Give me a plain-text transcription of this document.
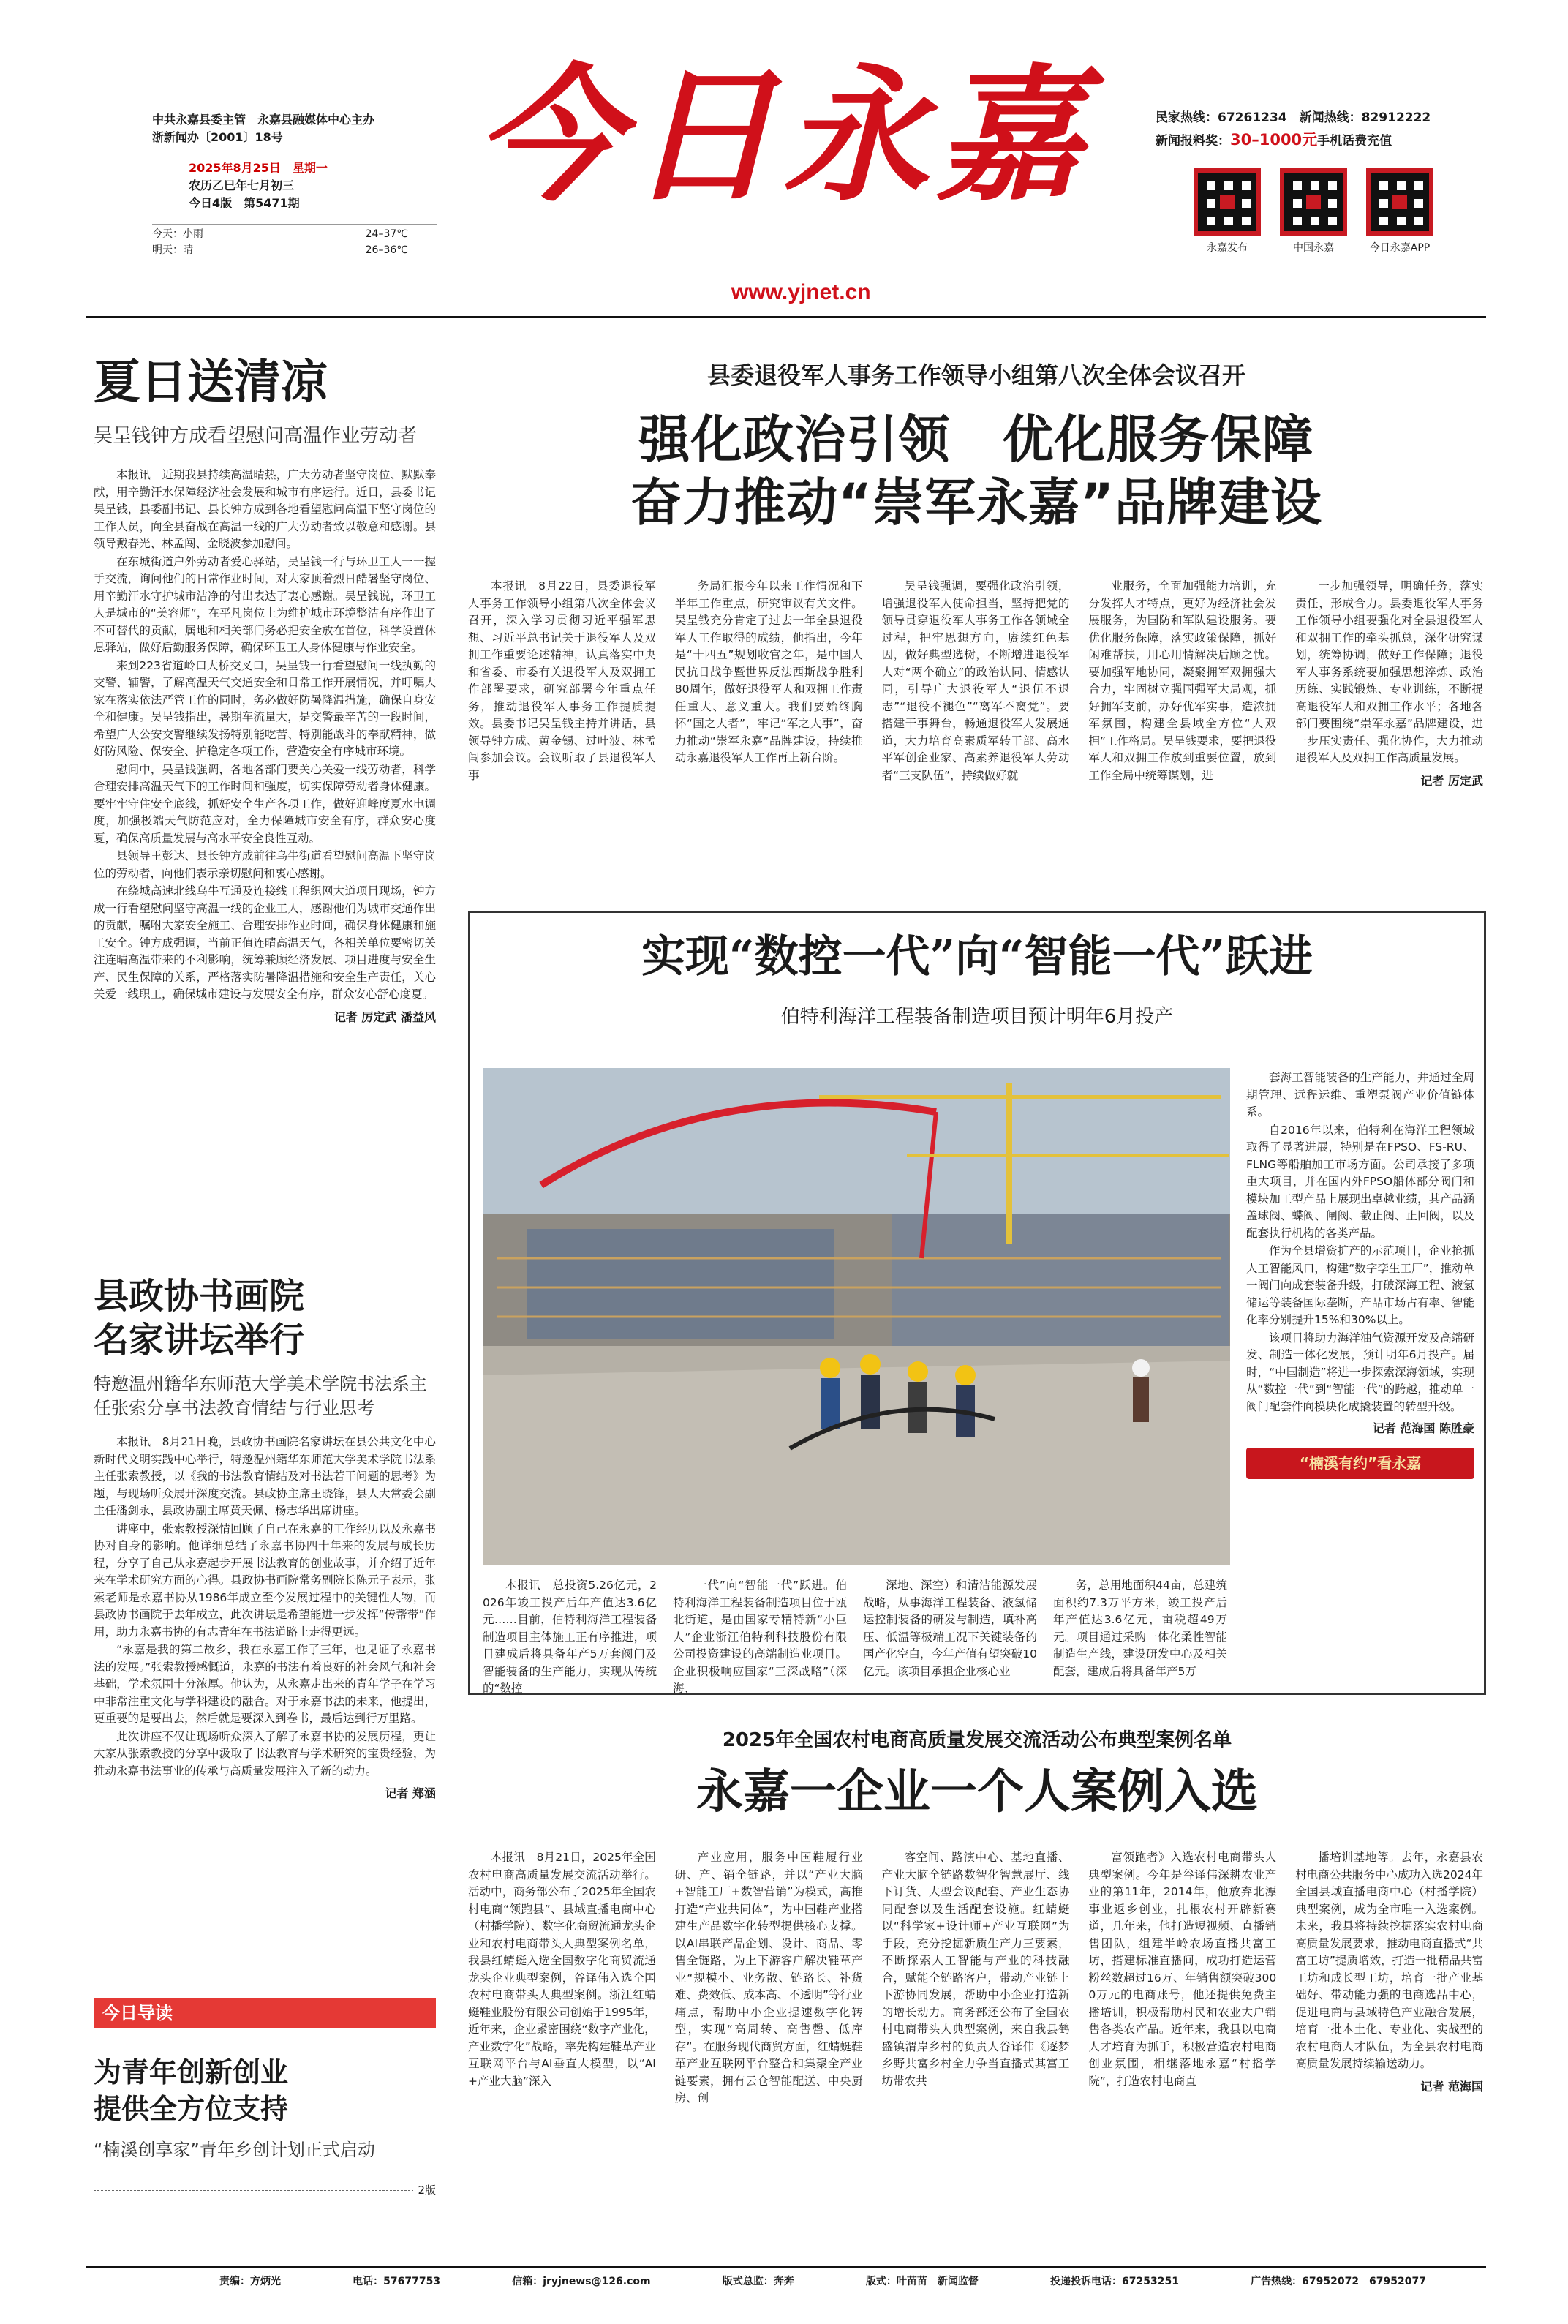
中共永嘉县委主管　永嘉县融媒体中心主办
浙新闻办〔2001〕18号
2025年8月25日　星期一
农历乙巳年七月初三
今日4版　第5471期
今天：小雨	24–37℃
明天：晴	26–36℃
今日永嘉
www.yjnet.cn
民家热线：67261234　新闻热线：82912222
新闻报料奖：30–1000元手机话费充值
永嘉发布	中国永嘉	今日永嘉APP
夏日送清凉
吴呈钱钟方成看望慰问高温作业劳动者

本报讯　近期我县持续高温晴热，广大劳动者坚守岗位、默默奉献，用辛勤汗水保障经济社会发展和城市有序运行。近日，县委书记吴呈钱，县委副书记、县长钟方成到各地看望慰问高温下坚守岗位的工作人员，向全县奋战在高温一线的广大劳动者致以敬意和感谢。县领导戴春光、林孟闯、金晓波参加慰问。

在东城街道户外劳动者爱心驿站，吴呈钱一行与环卫工人一一握手交流，询问他们的日常作业时间，对大家顶着烈日酷暑坚守岗位、用辛勤汗水守护城市洁净的付出表达了衷心感谢。吴呈钱说，环卫工人是城市的“美容师”，在平凡岗位上为维护城市环境整洁有序作出了不可替代的贡献，属地和相关部门务必把安全放在首位，科学设置休息驿站，做好后勤服务保障，确保环卫工人身体健康与作业安全。

来到223省道岭口大桥交叉口，吴呈钱一行看望慰问一线执勤的交警、辅警，了解高温天气交通安全和日常工作开展情况，并叮嘱大家在落实依法严管工作的同时，务必做好防暑降温措施，确保自身安全和健康。吴呈钱指出，暑期车流量大，是交警最辛苦的一段时间，希望广大公安交警继续发扬特别能吃苦、特别能战斗的奉献精神，做好防风险、保安全、护稳定各项工作，营造安全有序城市环境。

慰问中，吴呈钱强调，各地各部门要关心关爱一线劳动者，科学合理安排高温天气下的工作时间和强度，切实保障劳动者身体健康。要牢牢守住安全底线，抓好安全生产各项工作，做好迎峰度夏水电调度，加强极端天气防范应对，全力保障城市安全有序，群众安心度夏，确保高质量发展与高水平安全良性互动。

县领导王彭达、县长钟方成前往乌牛街道看望慰问高温下坚守岗位的劳动者，向他们表示亲切慰问和衷心感谢。

在绕城高速北线乌牛互通及连接线工程织网大道项目现场，钟方成一行看望慰问坚守高温一线的企业工人，感谢他们为城市交通作出的贡献，嘱咐大家安全施工、合理安排作业时间，确保身体健康和施工安全。钟方成强调，当前正值连晴高温天气，各相关单位要密切关注连晴高温带来的不利影响，统筹兼顾经济发展、项目进度与安全生产、民生保障的关系，严格落实防暑降温措施和安全生产责任，关心关爱一线职工，确保城市建设与发展安全有序，群众安心舒心度夏。

记者 厉定武 潘益风
县政协书画院
名家讲坛举行
特邀温州籍华东师范大学美术学院书法系主任张索分享书法教育情结与行业思考

本报讯　8月21日晚，县政协书画院名家讲坛在县公共文化中心新时代文明实践中心举行，特邀温州籍华东师范大学美术学院书法系主任张索教授，以《我的书法教育情结及对书法若干问题的思考》为题，与现场听众展开深度交流。县政协主席王晓锋，县人大常委会副主任潘剑永，县政协副主席黄天佩、杨志华出席讲座。

讲座中，张索教授深情回顾了自己在永嘉的工作经历以及永嘉书协对自身的影响。他详细总结了永嘉书协四十年来的发展与成长历程，分享了自己从永嘉起步开展书法教育的创业故事，并介绍了近年来在学术研究方面的心得。县政协书画院常务副院长陈元子表示，张索老师是永嘉书协从1986年成立至今发展过程中的关键性人物，而县政协书画院于去年成立，此次讲坛是希望能进一步发挥“传帮带”作用，助力永嘉书协的有志青年在书法道路上走得更远。

“永嘉是我的第二故乡，我在永嘉工作了三年，也见证了永嘉书法的发展。”张索教授感慨道，永嘉的书法有着良好的社会风气和社会基础，学术氛围十分浓厚。他认为，从永嘉走出来的青年学子在学习中非常注重文化与学科建设的融合。对于永嘉书法的未来，他提出，更重要的是要出去，然后就是要深入到卷书，最后达到行万里路。

此次讲座不仅让现场听众深入了解了永嘉书协的发展历程，更让大家从张索教授的分享中汲取了书法教育与学术研究的宝贵经验，为推动永嘉书法事业的传承与高质量发展注入了新的动力。

记者 郑涵
今日导读
为青年创新创业
提供全方位支持
“楠溪创享家”青年乡创计划正式启动
2版
县委退役军人事务工作领导小组第八次全体会议召开
强化政治引领　优化服务保障
奋力推动“崇军永嘉”品牌建设

本报讯　8月22日，县委退役军人事务工作领导小组第八次全体会议召开，深入学习贯彻习近平强军思想、习近平总书记关于退役军人及双拥工作重要论述精神，认真落实中央和省委、市委有关退役军人及双拥工作部署要求，研究部署今年重点任务，推动退役军人事务工作提质提效。县委书记吴呈钱主持并讲话，县领导钟方成、黄金锡、过叶波、林孟闯参加会议。会议听取了县退役军人事

务局汇报今年以来工作情况和下半年工作重点，研究审议有关文件。吴呈钱充分肯定了过去一年全县退役军人工作取得的成绩，他指出，今年是“十四五”规划收官之年，是中国人民抗日战争暨世界反法西斯战争胜利80周年，做好退役军人和双拥工作责任重大、意义重大。我们要始终胸怀“国之大者”，牢记“军之大事”，奋力推动“崇军永嘉”品牌建设，持续推动永嘉退役军人工作再上新台阶。

吴呈钱强调，要强化政治引领，增强退役军人使命担当，坚持把党的领导贯穿退役军人事务工作各领域全过程，把牢思想方向，赓续红色基因，做好典型选树，不断增进退役军人对“两个确立”的政治认同、情感认同，引导广大退役军人“退伍不退志”“退役不褪色”“离军不离党”。要搭建干事舞台，畅通退役军人发展通道，大力培育高素质军转干部、高水平军创企业家、高素养退役军人劳动者“三支队伍”，持续做好就

业服务，全面加强能力培训，充分发挥人才特点，更好为经济社会发展服务，为国防和军队建设服务。要优化服务保障，落实政策保障，抓好闲难帮扶，用心用情解决后顾之忧。要加强军地协同，凝聚拥军双拥强大合力，牢固树立强国强军大局观，抓好拥军支前，办好优军实事，造浓拥军氛围，构建全县域全方位“大双拥”工作格局。吴呈钱要求，要把退役军人和双拥工作放到重要位置，放到工作全局中统筹谋划，进

一步加强领导，明确任务，落实责任，形成合力。县委退役军人事务工作领导小组要强化对全县退役军人和双拥工作的牵头抓总，深化研究谋划，统筹协调，做好工作保障；退役军人事务系统要加强思想淬炼、政治历练、实践锻炼、专业训练，不断提高退役军人和双拥工作水平；各地各部门要围绕“崇军永嘉”品牌建设，进一步压实责任、强化协作，大力推动退役军人及双拥工作高质量发展。

记者 厉定武
实现“数控一代”向“智能一代”跃进
伯特利海洋工程装备制造项目预计明年6月投产

套海工智能装备的生产能力，并通过全周期管理、远程运维、重塑泵阀产业价值链体系。

自2016年以来，伯特利在海洋工程领域取得了显著进展，特别是在FPSO、FS-RU、FLNG等船舶加工市场方面。公司承接了多项重大项目，并在国内外FPSO船体部分阀门和模块加工型产品上展现出卓越业绩，其产品涵盖球阀、蝶阀、闸阀、截止阀、止回阀，以及配套执行机构的各类产品。

作为全县增资扩产的示范项目，企业抢抓人工智能风口，构建“数字孪生工厂”，推动单一阀门向成套装备升级，打破深海工程、液氢储运等装备国际垄断，产品市场占有率、智能化率分别提升15%和30%以上。

该项目将助力海洋油气资源开发及高端研发、制造一体化发展，预计明年6月投产。届时，“中国制造”将进一步探索深海领域，实现从“数控一代”到“智能一代”的跨越，推动单一阀门配套件向模块化成撬装置的转型升级。

记者 范海国 陈胜豪
“楠溪有约”看永嘉

本报讯　总投资5.26亿元，2026年竣工投产后年产值达3.6亿元……目前，伯特利海洋工程装备制造项目主体施工正有序推进，项目建成后将具备年产5万套阀门及智能装备的生产能力，实现从传统的“数控

一代”向“智能一代”跃进。伯特利海洋工程装备制造项目位于瓯北街道，是由国家专精特新“小巨人”企业浙江伯特利科技股份有限公司投资建设的高端制造业项目。企业积极响应国家“三深战略”（深海、

深地、深空）和清洁能源发展战略，从事海洋工程装备、液氢储运控制装备的研发与制造，填补高压、低温等极端工况下关键装备的国产化空白，今年产值有望突破10亿元。该项目承担企业核心业

务，总用地面积44亩，总建筑面积约7.3万平方米，竣工投产后年产值达3.6亿元，亩税超49万元。项目通过采购一体化柔性智能制造生产线，建设研发中心及相关配套，建成后将具备年产5万

2025年全国农村电商高质量发展交流活动公布典型案例名单
永嘉一企业一个人案例入选

本报讯　8月21日，2025年全国农村电商高质量发展交流活动举行。活动中，商务部公布了2025年全国农村电商“领跑县”、县域直播电商中心（村播学院）、数字化商贸流通龙头企业和农村电商带头人典型案例名单，我县红蜻蜓入选全国数字化商贸流通龙头企业典型案例，谷译伟入选全国农村电商带头人典型案例。浙江红蜻蜓鞋业股份有限公司创始于1995年，近年来，企业紧密围绕“数字产业化，产业数字化”战略，率先构建鞋革产业互联网平台与AI垂直大模型，以“AI+产业大脑”深入

产业应用，服务中国鞋履行业研、产、销全链路，并以“产业大脑+智能工厂+数智营销”为模式，高推打造“产业共同体”，为中国鞋产业搭建生产品数字化转型提供核心支撑。以AI串联产品企划、设计、商品、零售全链路，为上下游客户解决鞋革产业“规模小、业务散、链路长、补货难、费效低、成本高、不透明”等行业痛点，帮助中小企业提速数字化转型，实现“高周转、高售罄、低库存”。在服务现代商贸方面，红蜻蜓鞋革产业互联网平台整合和集聚全产业链要素，拥有云仓智能配送、中央厨房、创

客空间、路演中心、基地直播、产业大脑全链路数智化智慧展厅、线下订货、大型会议配套、产业生态协同配套以及生活配套设施。红蜻蜓以“科学家+设计师+产业互联网”为手段，充分挖掘新质生产力三要素，不断探索人工智能与产业的科技融合，赋能全链路客户，带动产业链上下游协同发展，帮助中小企业打造新的增长动力。商务部还公布了全国农村电商带头人典型案例，来自我县鹤盛镇渭岸乡村的负责人谷译伟《逐梦乡野共富乡村全力争当直播式其富工坊带农共

富领跑者》入选农村电商带头人典型案例。今年是谷译伟深耕农业产业的第11年，2014年，他放弃北漂事业返乡创业，扎根农村开辟新赛道，几年来，他打造短视频、直播销售团队，组建半岭农场直播共富工坊，搭建标准直播间，成功打造运营粉丝数超过16万、年销售额突破3000万元的电商账号，他还提供免费主播培训，积极帮助村民和农业大户销售各类农产品。近年来，我县以电商人才培育为抓手，积极营造农村电商创业氛围，相继落地永嘉“村播学院”，打造农村电商直

播培训基地等。去年，永嘉县农村电商公共服务中心成功入选2024年全国县域直播电商中心（村播学院）典型案例，成为全市唯一入选案例。未来，我县将持续挖掘落实农村电商高质量发展要求，推动电商直播式“共富工坊”提质增效，打造一批精品共富工坊和成长型工坊，培育一批产业基础好、带动能力强的电商选品中心，促进电商与县域特色产业融合发展，培育一批本土化、专业化、实战型的农村电商人才队伍，为全县农村电商高质量发展持续输送动力。

记者 范海国
责编：方炳光	电话：57677753	信箱：jryjnews@126.com	版式总监：奔奔	版式：叶苗苗　新闻监督	投递投诉电话：67253251	广告热线：67952072　67952077
